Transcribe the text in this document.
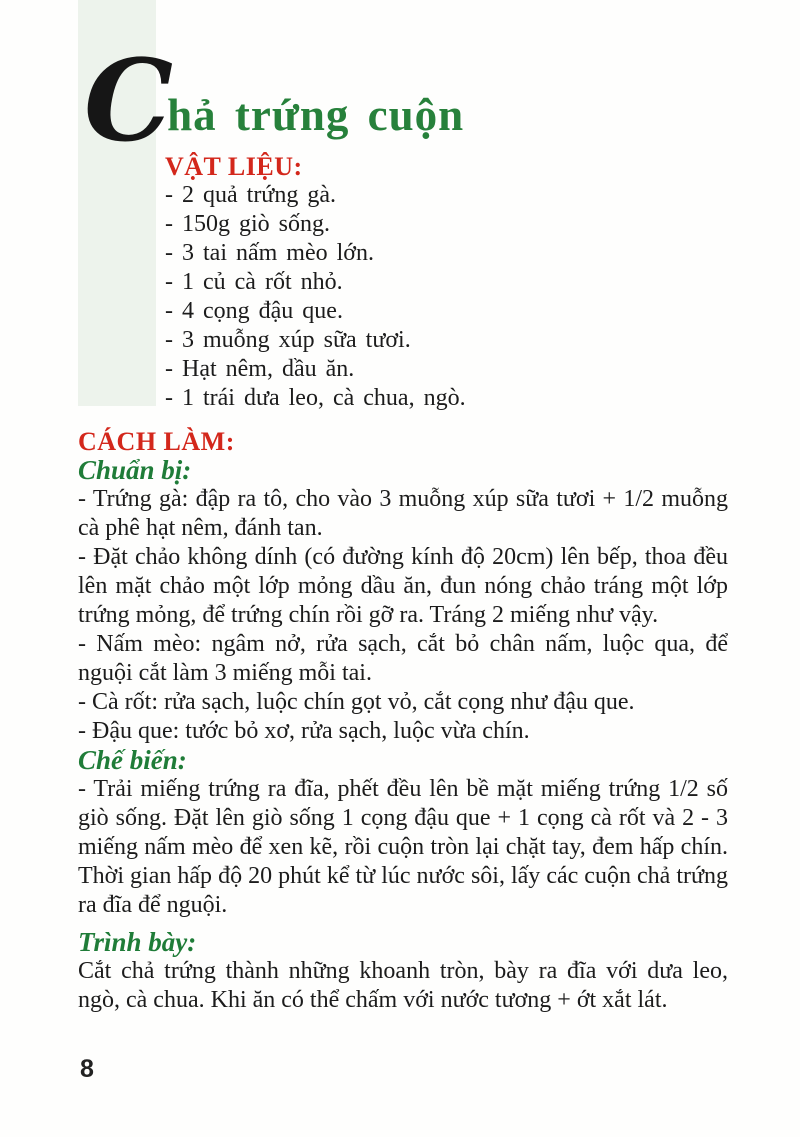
C hả trứng cuộn
VẬT LIỆU:
- 2 quả trứng gà.
- 150g giò sống.
- 3 tai nấm mèo lớn.
- 1 củ cà rốt nhỏ.
- 4 cọng đậu que.
- 3 muỗng xúp sữa tươi.
- Hạt nêm, dầu ăn.
- 1 trái dưa leo, cà chua, ngò.
CÁCH LÀM:
Chuẩn bị:

- Trứng gà: đập ra tô, cho vào 3 muỗng xúp sữa tươi + 1/2 muỗng cà phê hạt nêm, đánh tan.

- Đặt chảo không dính (có đường kính độ 20cm) lên bếp, thoa đều lên mặt chảo một lớp mỏng dầu ăn, đun nóng chảo tráng một lớp trứng mỏng, để trứng chín rồi gỡ ra. Tráng 2 miếng như vậy.

- Nấm mèo: ngâm nở, rửa sạch, cắt bỏ chân nấm, luộc qua, để nguội cắt làm 3 miếng mỗi tai.

- Cà rốt: rửa sạch, luộc chín gọt vỏ, cắt cọng như đậu que.

- Đậu que: tước bỏ xơ, rửa sạch, luộc vừa chín.

Chế biến:

- Trải miếng trứng ra đĩa, phết đều lên bề mặt miếng trứng 1/2 số giò sống. Đặt lên giò sống 1 cọng đậu que + 1 cọng cà rốt và 2 - 3 miếng nấm mèo để xen kẽ, rồi cuộn tròn lại chặt tay, đem hấp chín. Thời gian hấp độ 20 phút kể từ lúc nước sôi, lấy các cuộn chả trứng ra đĩa để nguội.

Trình bày:

Cắt chả trứng thành những khoanh tròn, bày ra đĩa với dưa leo, ngò, cà chua. Khi ăn có thể chấm với nước tương + ớt xắt lát.

8
